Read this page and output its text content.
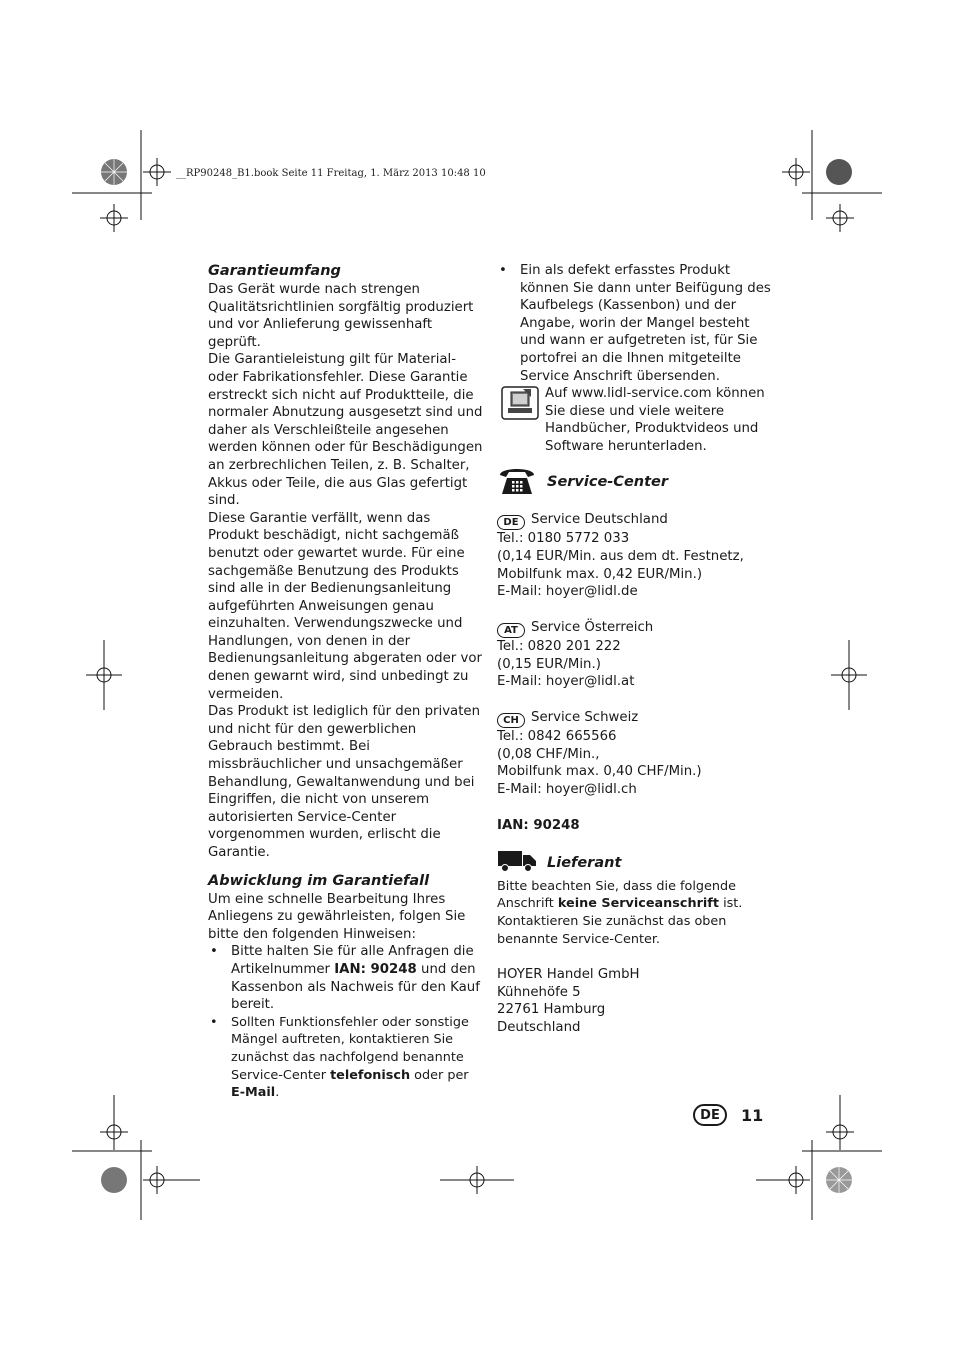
__RP90248_B1.book Seite 11 Freitag, 1. März 2013 10:48 10
Garantieumfang

Das Gerät wurde nach strengen Qualitätsrichtlinien sorgfältig produziert und vor Anlieferung gewissenhaft geprüft.

Die Garantieleistung gilt für Material- oder Fabrikationsfehler. Diese Garantie erstreckt sich nicht auf Produktteile, die normaler Abnutzung ausgesetzt sind und daher als Verschleißteile angesehen werden können oder für Beschädigungen an zerbrechlichen Teilen, z. B. Schalter, Akkus oder Teile, die aus Glas gefertigt sind.

Diese Garantie verfällt, wenn das Produkt beschädigt, nicht sachgemäß benutzt oder gewartet wurde. Für eine sachgemäße Benutzung des Produkts sind alle in der Bedienungsanleitung aufgeführten Anweisungen genau einzuhalten. Verwendungszwecke und Handlungen, von denen in der Bedienungsanleitung abgeraten oder vor denen gewarnt wird, sind unbedingt zu vermeiden.

Das Produkt ist lediglich für den privaten und nicht für den gewerblichen Gebrauch bestimmt. Bei missbräuchlicher und unsachgemäßer Behandlung, Gewaltanwendung und bei Eingriffen, die nicht von unserem autorisierten Service-Center vorgenommen wurden, erlischt die Garantie.

Abwicklung im Garantiefall

Um eine schnelle Bearbeitung Ihres Anliegens zu gewährleisten, folgen Sie bitte den folgenden Hinweisen:

• Bitte halten Sie für alle Anfragen die Artikelnummer IAN: 90248 und den Kassenbon als Nachweis für den Kauf bereit.
• Sollten Funktionsfehler oder sonstige Mängel auftreten, kontaktieren Sie zunächst das nachfolgend benannte Service-Center telefonisch oder per E-Mail.
• Ein als defekt erfasstes Produkt können Sie dann unter Beifügung des Kaufbelegs (Kassenbon) und der Angabe, worin der Mangel besteht und wann er aufgetreten ist, für Sie portofrei an die Ihnen mitgeteilte Service Anschrift übersenden.

Auf www.lidl-service.com können Sie diese und viele weitere Handbücher, Produktvideos und Software herunterladen.

Service-Center

DE Service Deutschland

Tel.: 0180 5772 033

(0,14 EUR/Min. aus dem dt. Festnetz,

Mobilfunk max. 0,42 EUR/Min.)

E-Mail: hoyer@lidl.de

AT Service Österreich

Tel.: 0820 201 222

(0,15 EUR/Min.)

E-Mail: hoyer@lidl.at

CH Service Schweiz

Tel.: 0842 665566

(0,08 CHF/Min.,

Mobilfunk max. 0,40 CHF/Min.)

E-Mail: hoyer@lidl.ch

IAN: 90248

Lieferant

Bitte beachten Sie, dass die folgende Anschrift keine Serviceanschrift ist. Kontaktieren Sie zunächst das oben benannte Service-Center.

HOYER Handel GmbH

Kühnehöfe 5

22761 Hamburg

Deutschland

DE	11
